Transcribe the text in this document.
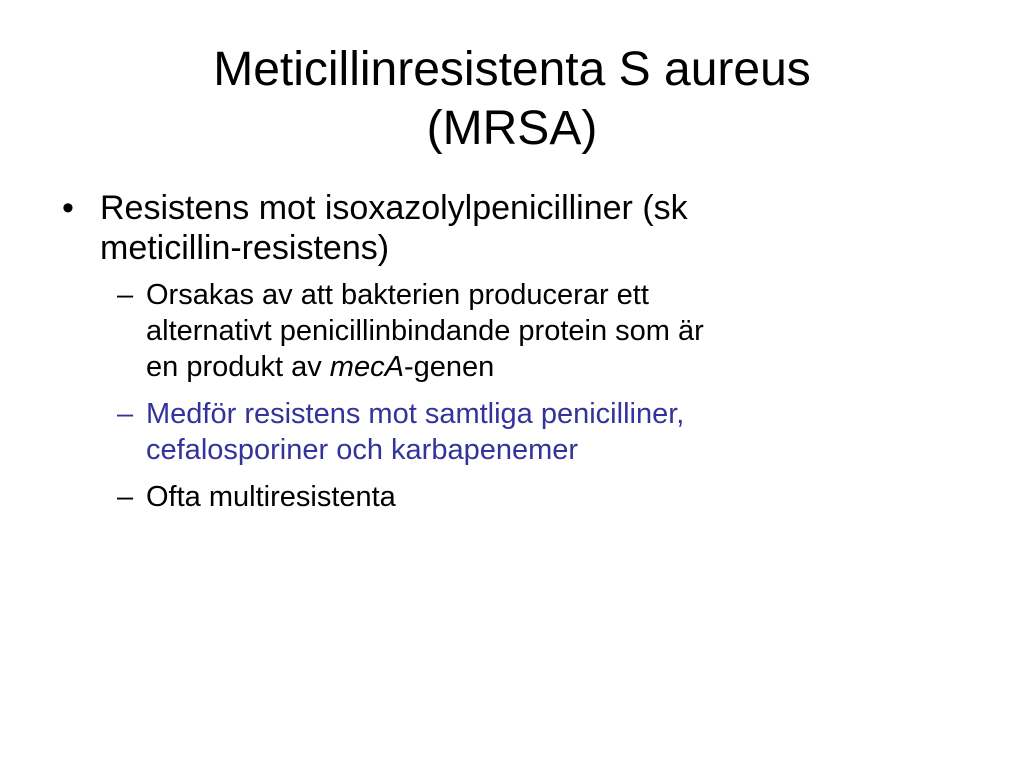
Meticillinresistenta S aureus
(MRSA)
• Resistens mot isoxazolylpenicilliner (sk
meticillin-resistens)
– Orsakas av att bakterien producerar ett
alternativt penicillinbindande protein som är
en produkt av mecA-genen
– Medför resistens mot samtliga penicilliner,
cefalosporiner och karbapenemer
– Ofta multiresistenta
